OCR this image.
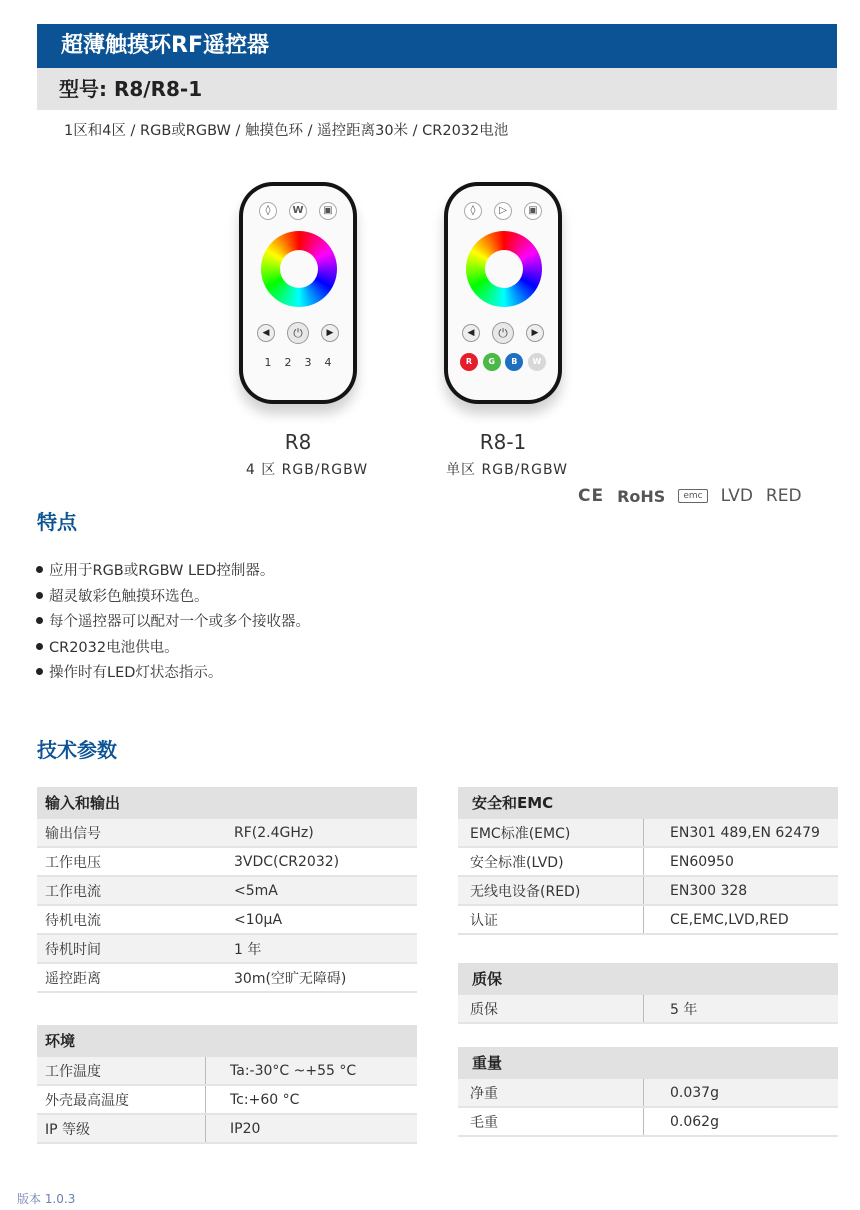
超薄触摸环RF遥控器
型号: R8/R8-1
1区和4区 / RGB或RGBW / 触摸色环 / 遥控距离30米 / CR2032电池
◊	W	▣
◀	⏻	▶
1	2	3	4
R8
4 区 RGB/RGBW
◊	▷	▣
◀	⏻	▶
R	G	B	W
R8-1
单区 RGB/RGBW
CE RoHS	emc LVD RED
特点
应用于RGB或RGBW LED控制器。
超灵敏彩色触摸环选色。
每个遥控器可以配对一个或多个接收器。
CR2032电池供电。
操作时有LED灯状态指示。
技术参数
输入和输出
输出信号	RF(2.4GHz)
工作电压	3VDC(CR2032)
工作电流	<5mA
待机电流	<10μA
待机时间	1 年
遥控距离	30m(空旷无障碍)
环境
工作温度	Ta:-30°C ~+55 °C
外壳最高温度	Tc:+60 °C
IP 等级	IP20
安全和EMC
EMC标准(EMC)	EN301 489,EN 62479
安全标准(LVD)	EN60950
无线电设备(RED)	EN300 328
认证	CE,EMC,LVD,RED
质保
质保	5 年
重量
净重	0.037g
毛重	0.062g
版本 1.0.3
